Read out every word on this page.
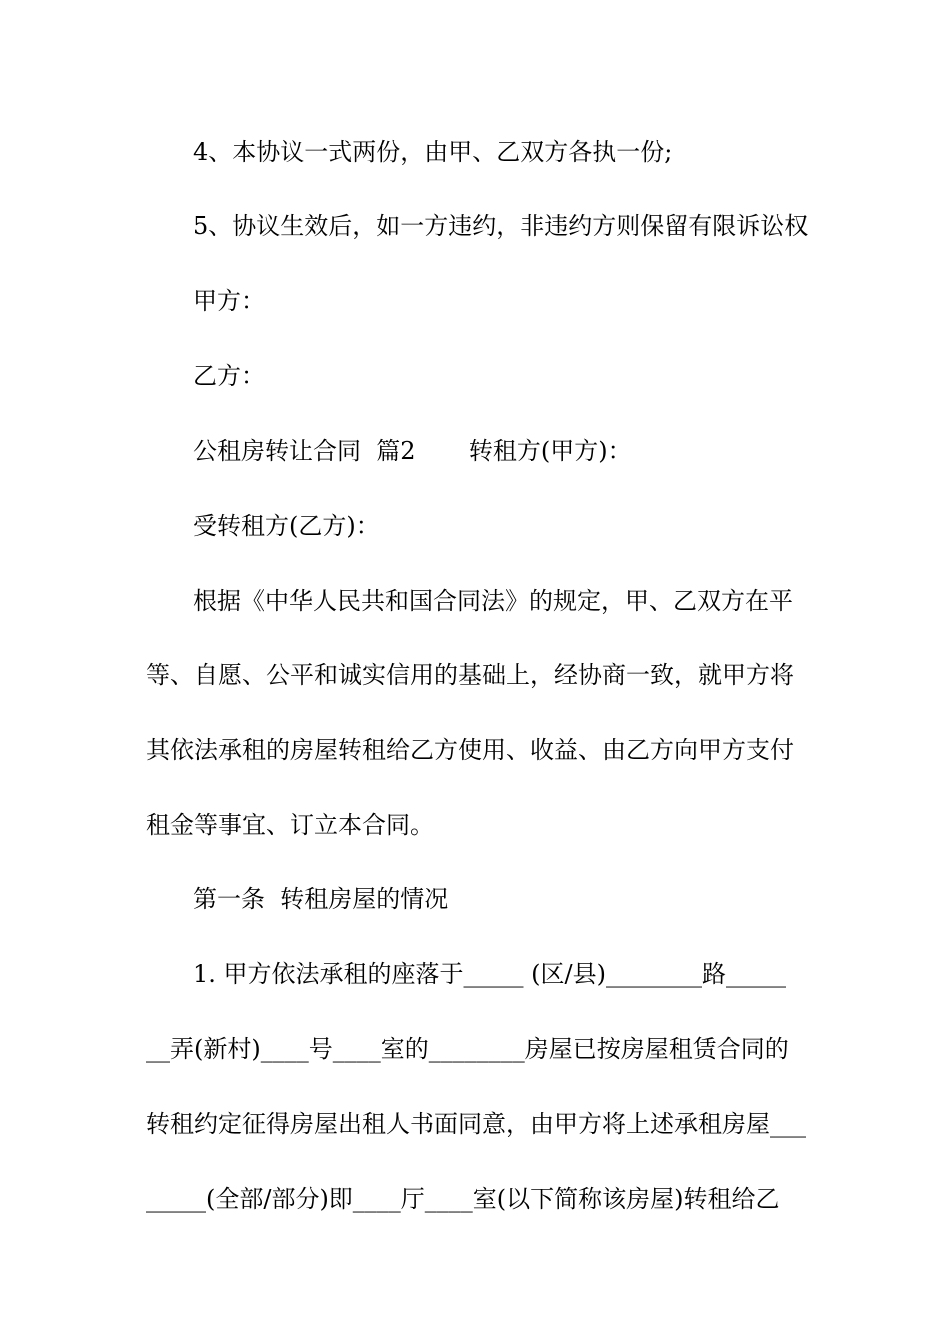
4、本协议一式两份，由甲、乙双方各执一份;
5、协议生效后，如一方违约，非违约方则保留有限诉讼权
甲方：
乙方：
公租房转让合同  篇2       转租方(甲方)：
受转租方(乙方)：
根据《中华人民共和国合同法》的规定，甲、乙双方在平
等、自愿、公平和诚实信用的基础上，经协商一致，就甲方将
其依法承租的房屋转租给乙方使用、收益、由乙方向甲方支付
租金等事宜、订立本合同。
第一条  转租房屋的情况
1. 甲方依法承租的座落于_____ (区/县)________路_____
__弄(新村)____号____室的________房屋已按房屋租赁合同的
转租约定征得房屋出租人书面同意，由甲方将上述承租房屋___
_____(全部/部分)即____厅____室(以下简称该房屋)转租给乙
